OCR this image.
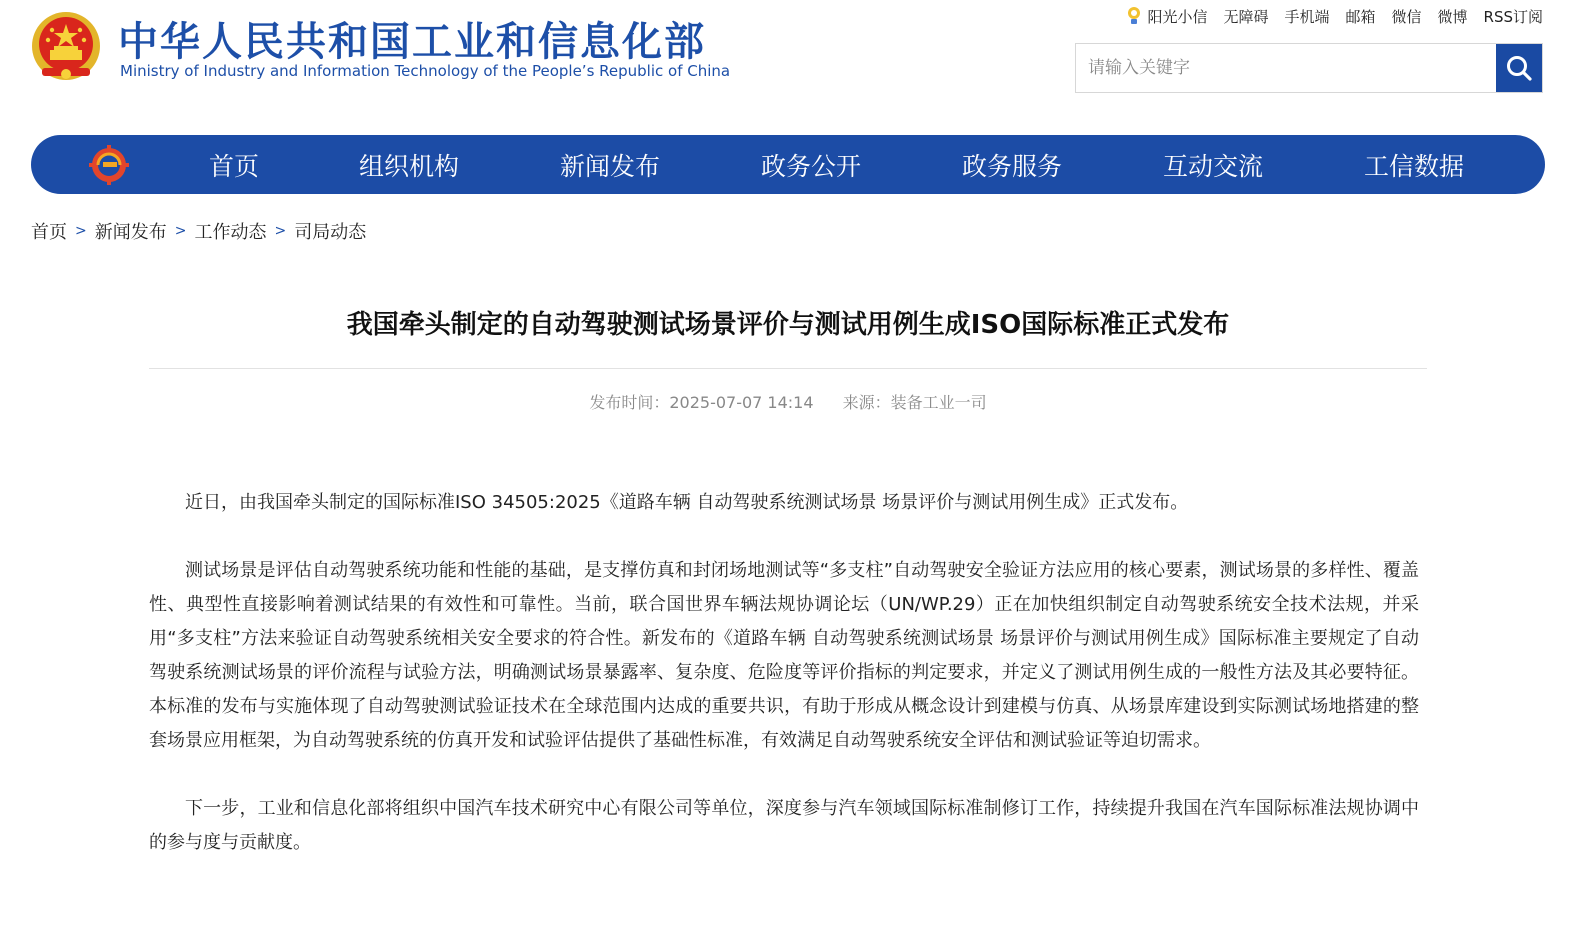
中华人民共和国工业和信息化部
Ministry of Industry and Information Technology of the People’s Republic of China
阳光小信 无障碍 手机端 邮箱 微信 微博 RSS订阅
请输入关键字
首页	组织机构	新闻发布	政务公开	政务服务	互动交流	工信数据
首页 > 新闻发布 > 工作动态 > 司局动态
我国牵头制定的自动驾驶测试场景评价与测试用例生成ISO国际标准正式发布
发布时间：2025-07-07 14:14 来源：装备工业一司

近日，由我国牵头制定的国际标准ISO 34505:2025《道路车辆 自动驾驶系统测试场景 场景评价与测试用例生成》正式发布。

测试场景是评估自动驾驶系统功能和性能的基础，是支撑仿真和封闭场地测试等“多支柱”自动驾驶安全验证方法应用的核心要素，测试场景的多样性、覆盖性、典型性直接影响着测试结果的有效性和可靠性。当前，联合国世界车辆法规协调论坛（UN/WP.29）正在加快组织制定自动驾驶系统安全技术法规，并采用“多支柱”方法来验证自动驾驶系统相关安全要求的符合性。新发布的《道路车辆 自动驾驶系统测试场景 场景评价与测试用例生成》国际标准主要规定了自动驾驶系统测试场景的评价流程与试验方法，明确测试场景暴露率、复杂度、危险度等评价指标的判定要求，并定义了测试用例生成的一般性方法及其必要特征。本标准的发布与实施体现了自动驾驶测试验证技术在全球范围内达成的重要共识，有助于形成从概念设计到建模与仿真、从场景库建设到实际测试场地搭建的整套场景应用框架，为自动驾驶系统的仿真开发和试验评估提供了基础性标准，有效满足自动驾驶系统安全评估和测试验证等迫切需求。

下一步，工业和信息化部将组织中国汽车技术研究中心有限公司等单位，深度参与汽车领域国际标准制修订工作，持续提升我国在汽车国际标准法规协调中的参与度与贡献度。
